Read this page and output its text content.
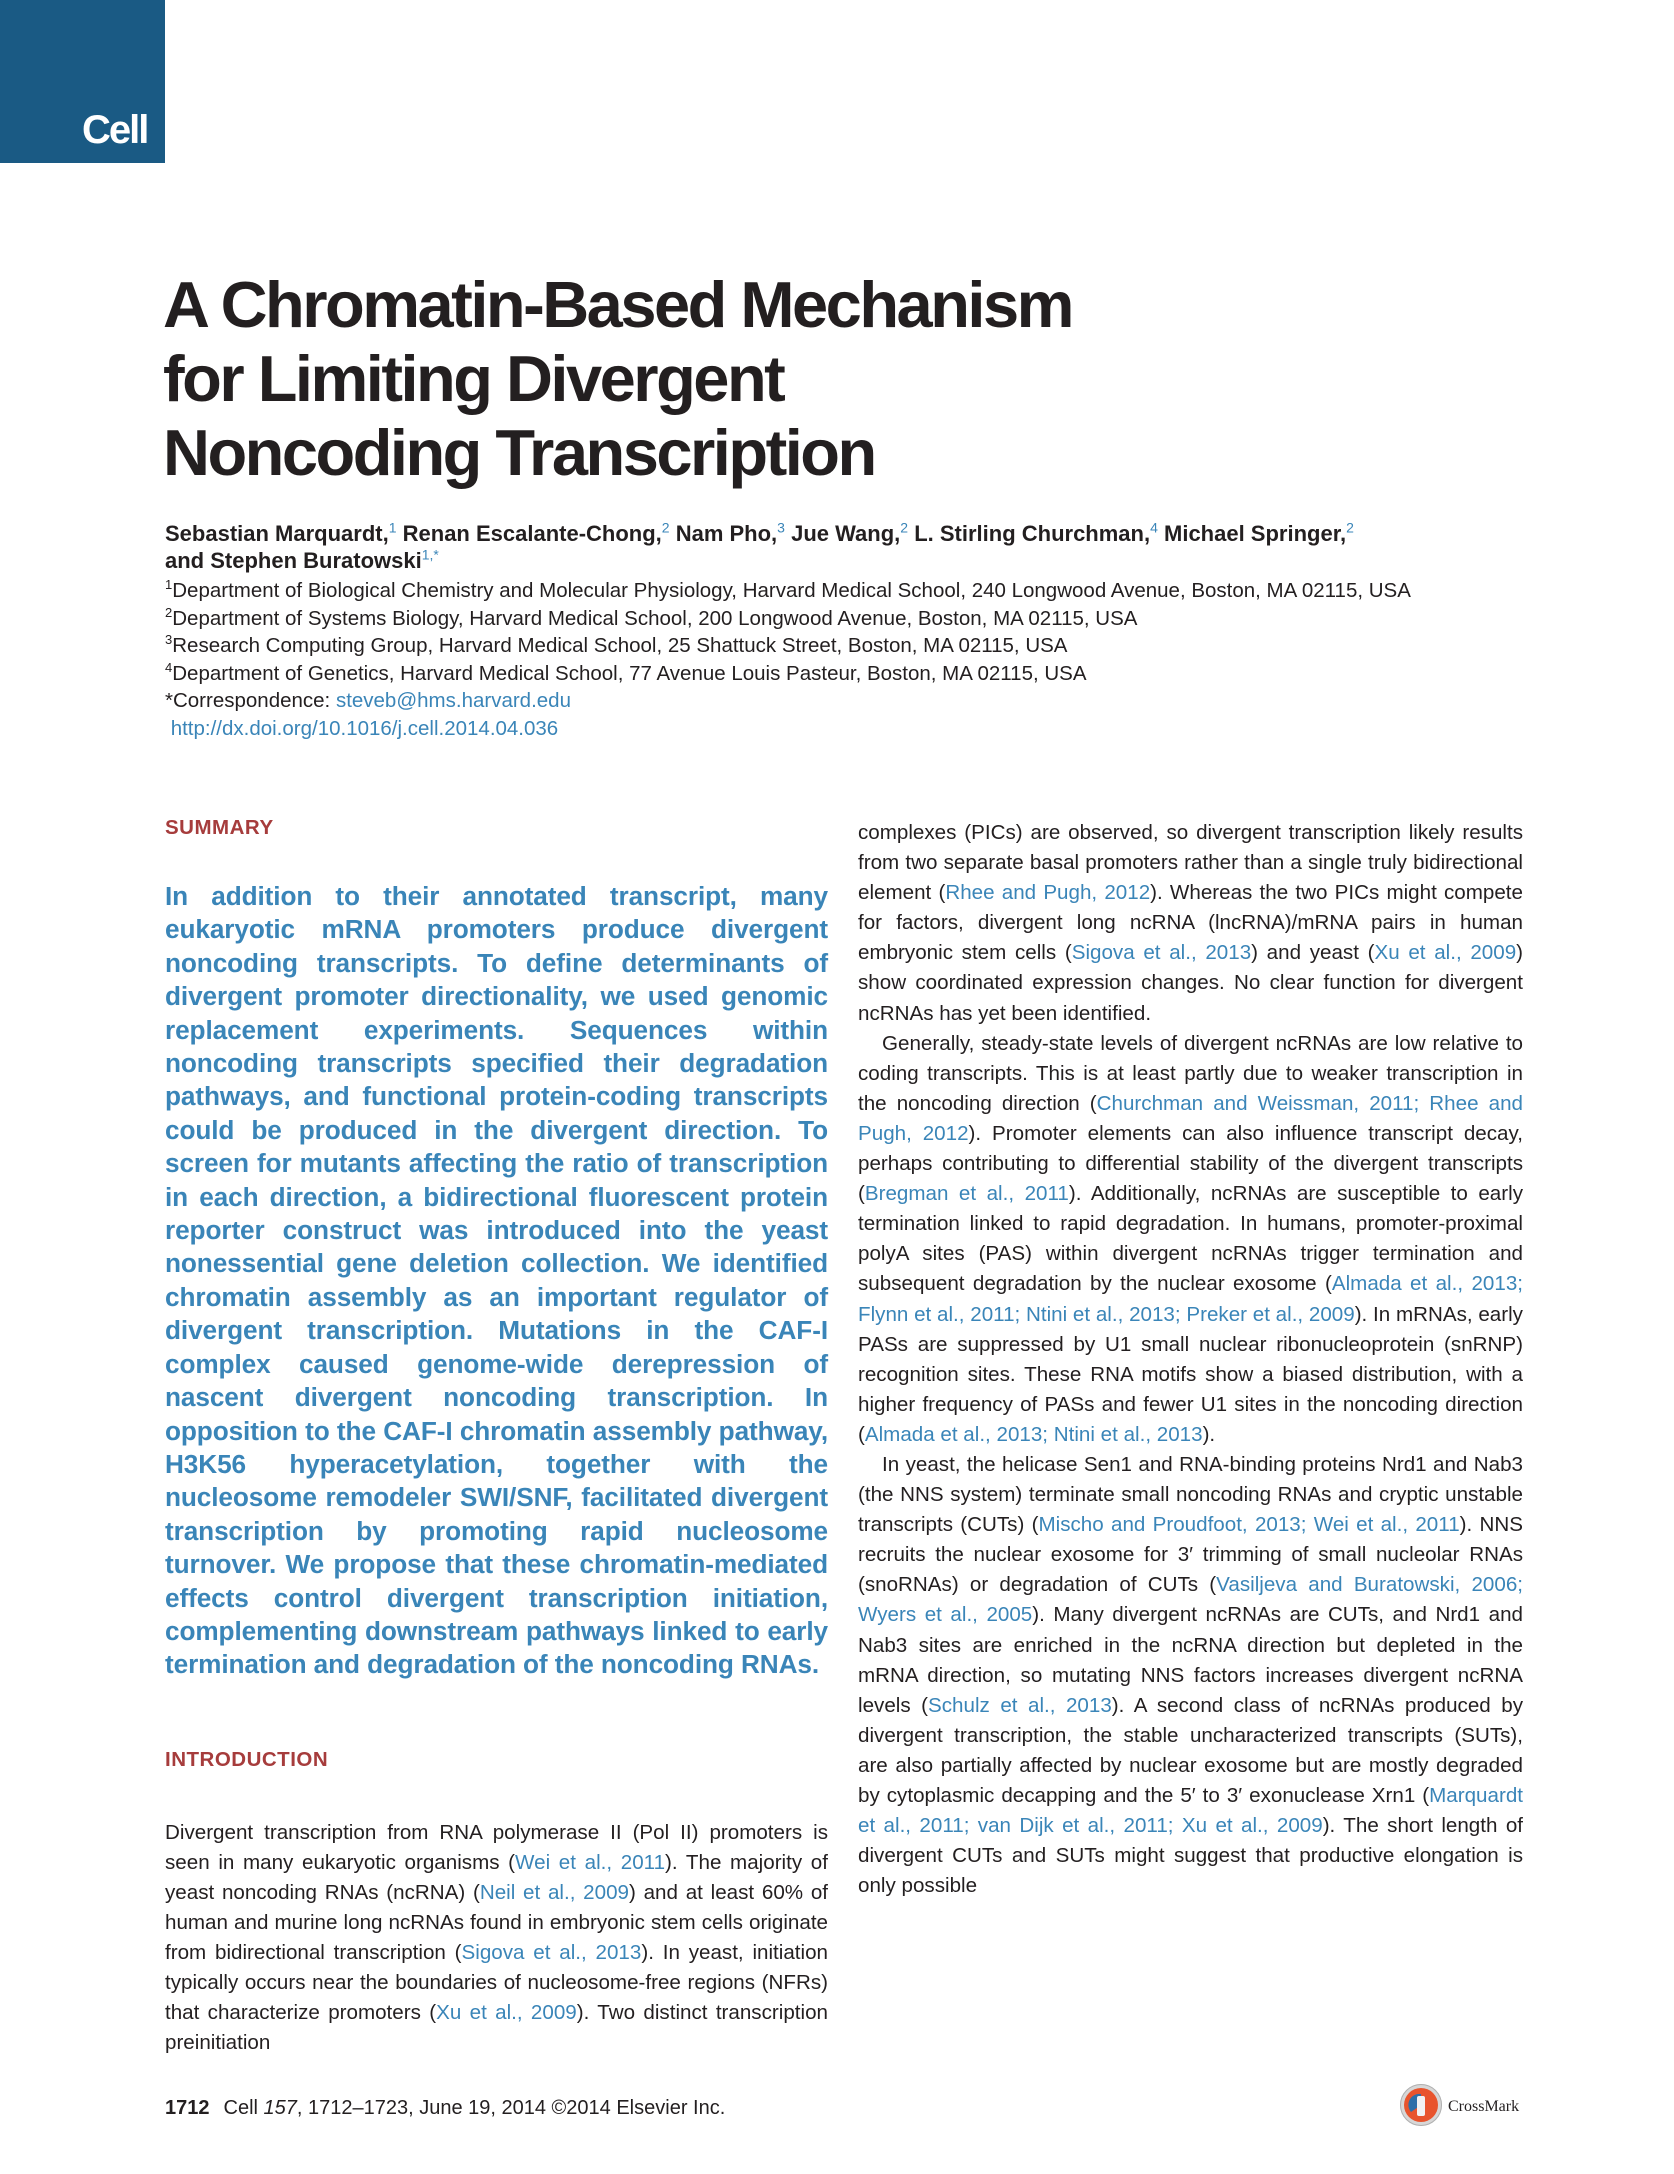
Cell
A Chromatin-Based Mechanism
for Limiting Divergent
Noncoding Transcription
Sebastian Marquardt,$^1$ Renan Escalante-Chong,$^2$ Nam Pho,$^3$ Jue Wang,$^2$ L. Stirling Churchman,$^4$ Michael Springer,$^2$
and Stephen Buratowski$^{1,*}$
$^1$Department of Biological Chemistry and Molecular Physiology, Harvard Medical School, 240 Longwood Avenue, Boston, MA 02115, USA
$^2$Department of Systems Biology, Harvard Medical School, 200 Longwood Avenue, Boston, MA 02115, USA
$^3$Research Computing Group, Harvard Medical School, 25 Shattuck Street, Boston, MA 02115, USA
$^4$Department of Genetics, Harvard Medical School, 77 Avenue Louis Pasteur, Boston, MA 02115, USA
*Correspondence: steveb@hms.harvard.edu
http://dx.doi.org/10.1016/j.cell.2014.04.036
SUMMARY
In addition to their annotated transcript, many eukaryotic mRNA promoters produce divergent noncoding transcripts. To define determinants of divergent promoter directionality, we used genomic replacement experiments. Sequences within noncoding transcripts specified their degradation pathways, and functional protein-coding transcripts could be produced in the divergent direction. To screen for mutants affecting the ratio of transcription in each direction, a bidirectional fluorescent protein reporter construct was introduced into the yeast nonessential gene deletion collection. We identified chromatin assembly as an important regulator of divergent transcription. Mutations in the CAF-I complex caused genome-wide derepression of nascent divergent noncoding transcription. In opposition to the CAF-I chromatin assembly pathway, H3K56 hyperacetylation, together with the nucleosome remodeler SWI/SNF, facilitated divergent transcription by promoting rapid nucleosome turnover. We propose that these chromatin-mediated effects control divergent transcription initiation, complementing downstream pathways linked to early termination and degradation of the noncoding RNAs.
INTRODUCTION
Divergent transcription from RNA polymerase II (Pol II) promoters is seen in many eukaryotic organisms (Wei et al., 2011). The majority of yeast noncoding RNAs (ncRNA) (Neil et al., 2009) and at least 60% of human and murine long ncRNAs found in embryonic stem cells originate from bidirectional transcription (Sigova et al., 2013). In yeast, initiation typically occurs near the boundaries of nucleosome-free regions (NFRs) that characterize promoters (Xu et al., 2009). Two distinct transcription preinitiation

complexes (PICs) are observed, so divergent transcription likely results from two separate basal promoters rather than a single truly bidirectional element (Rhee and Pugh, 2012). Whereas the two PICs might compete for factors, divergent long ncRNA (lncRNA)/mRNA pairs in human embryonic stem cells (Sigova et al., 2013) and yeast (Xu et al., 2009) show coordinated expression changes. No clear function for divergent ncRNAs has yet been identified.

Generally, steady-state levels of divergent ncRNAs are low relative to coding transcripts. This is at least partly due to weaker transcription in the noncoding direction (Churchman and Weissman, 2011; Rhee and Pugh, 2012). Promoter elements can also influence transcript decay, perhaps contributing to differential stability of the divergent transcripts (Bregman et al., 2011). Additionally, ncRNAs are susceptible to early termination linked to rapid degradation. In humans, promoter-proximal polyA sites (PAS) within divergent ncRNAs trigger termination and subsequent degradation by the nuclear exosome (Almada et al., 2013; Flynn et al., 2011; Ntini et al., 2013; Preker et al., 2009). In mRNAs, early PASs are suppressed by U1 small nuclear ribonucleoprotein (snRNP) recognition sites. These RNA motifs show a biased distribution, with a higher frequency of PASs and fewer U1 sites in the noncoding direction (Almada et al., 2013; Ntini et al., 2013).

In yeast, the helicase Sen1 and RNA-binding proteins Nrd1 and Nab3 (the NNS system) terminate small noncoding RNAs and cryptic unstable transcripts (CUTs) (Mischo and Proudfoot, 2013; Wei et al., 2011). NNS recruits the nuclear exosome for 3′ trimming of small nucleolar RNAs (snoRNAs) or degradation of CUTs (Vasiljeva and Buratowski, 2006; Wyers et al., 2005). Many divergent ncRNAs are CUTs, and Nrd1 and Nab3 sites are enriched in the ncRNA direction but depleted in the mRNA direction, so mutating NNS factors increases divergent ncRNA levels (Schulz et al., 2013). A second class of ncRNAs produced by divergent transcription, the stable uncharacterized transcripts (SUTs), are also partially affected by nuclear exosome but are mostly degraded by cytoplasmic decapping and the 5′ to 3′ exonuclease Xrn1 (Marquardt et al., 2011; van Dijk et al., 2011; Xu et al., 2009). The short length of divergent CUTs and SUTs might suggest that productive elongation is only possible

1712 Cell 157, 1712–1723, June 19, 2014 ©2014 Elsevier Inc.	CrossMark
